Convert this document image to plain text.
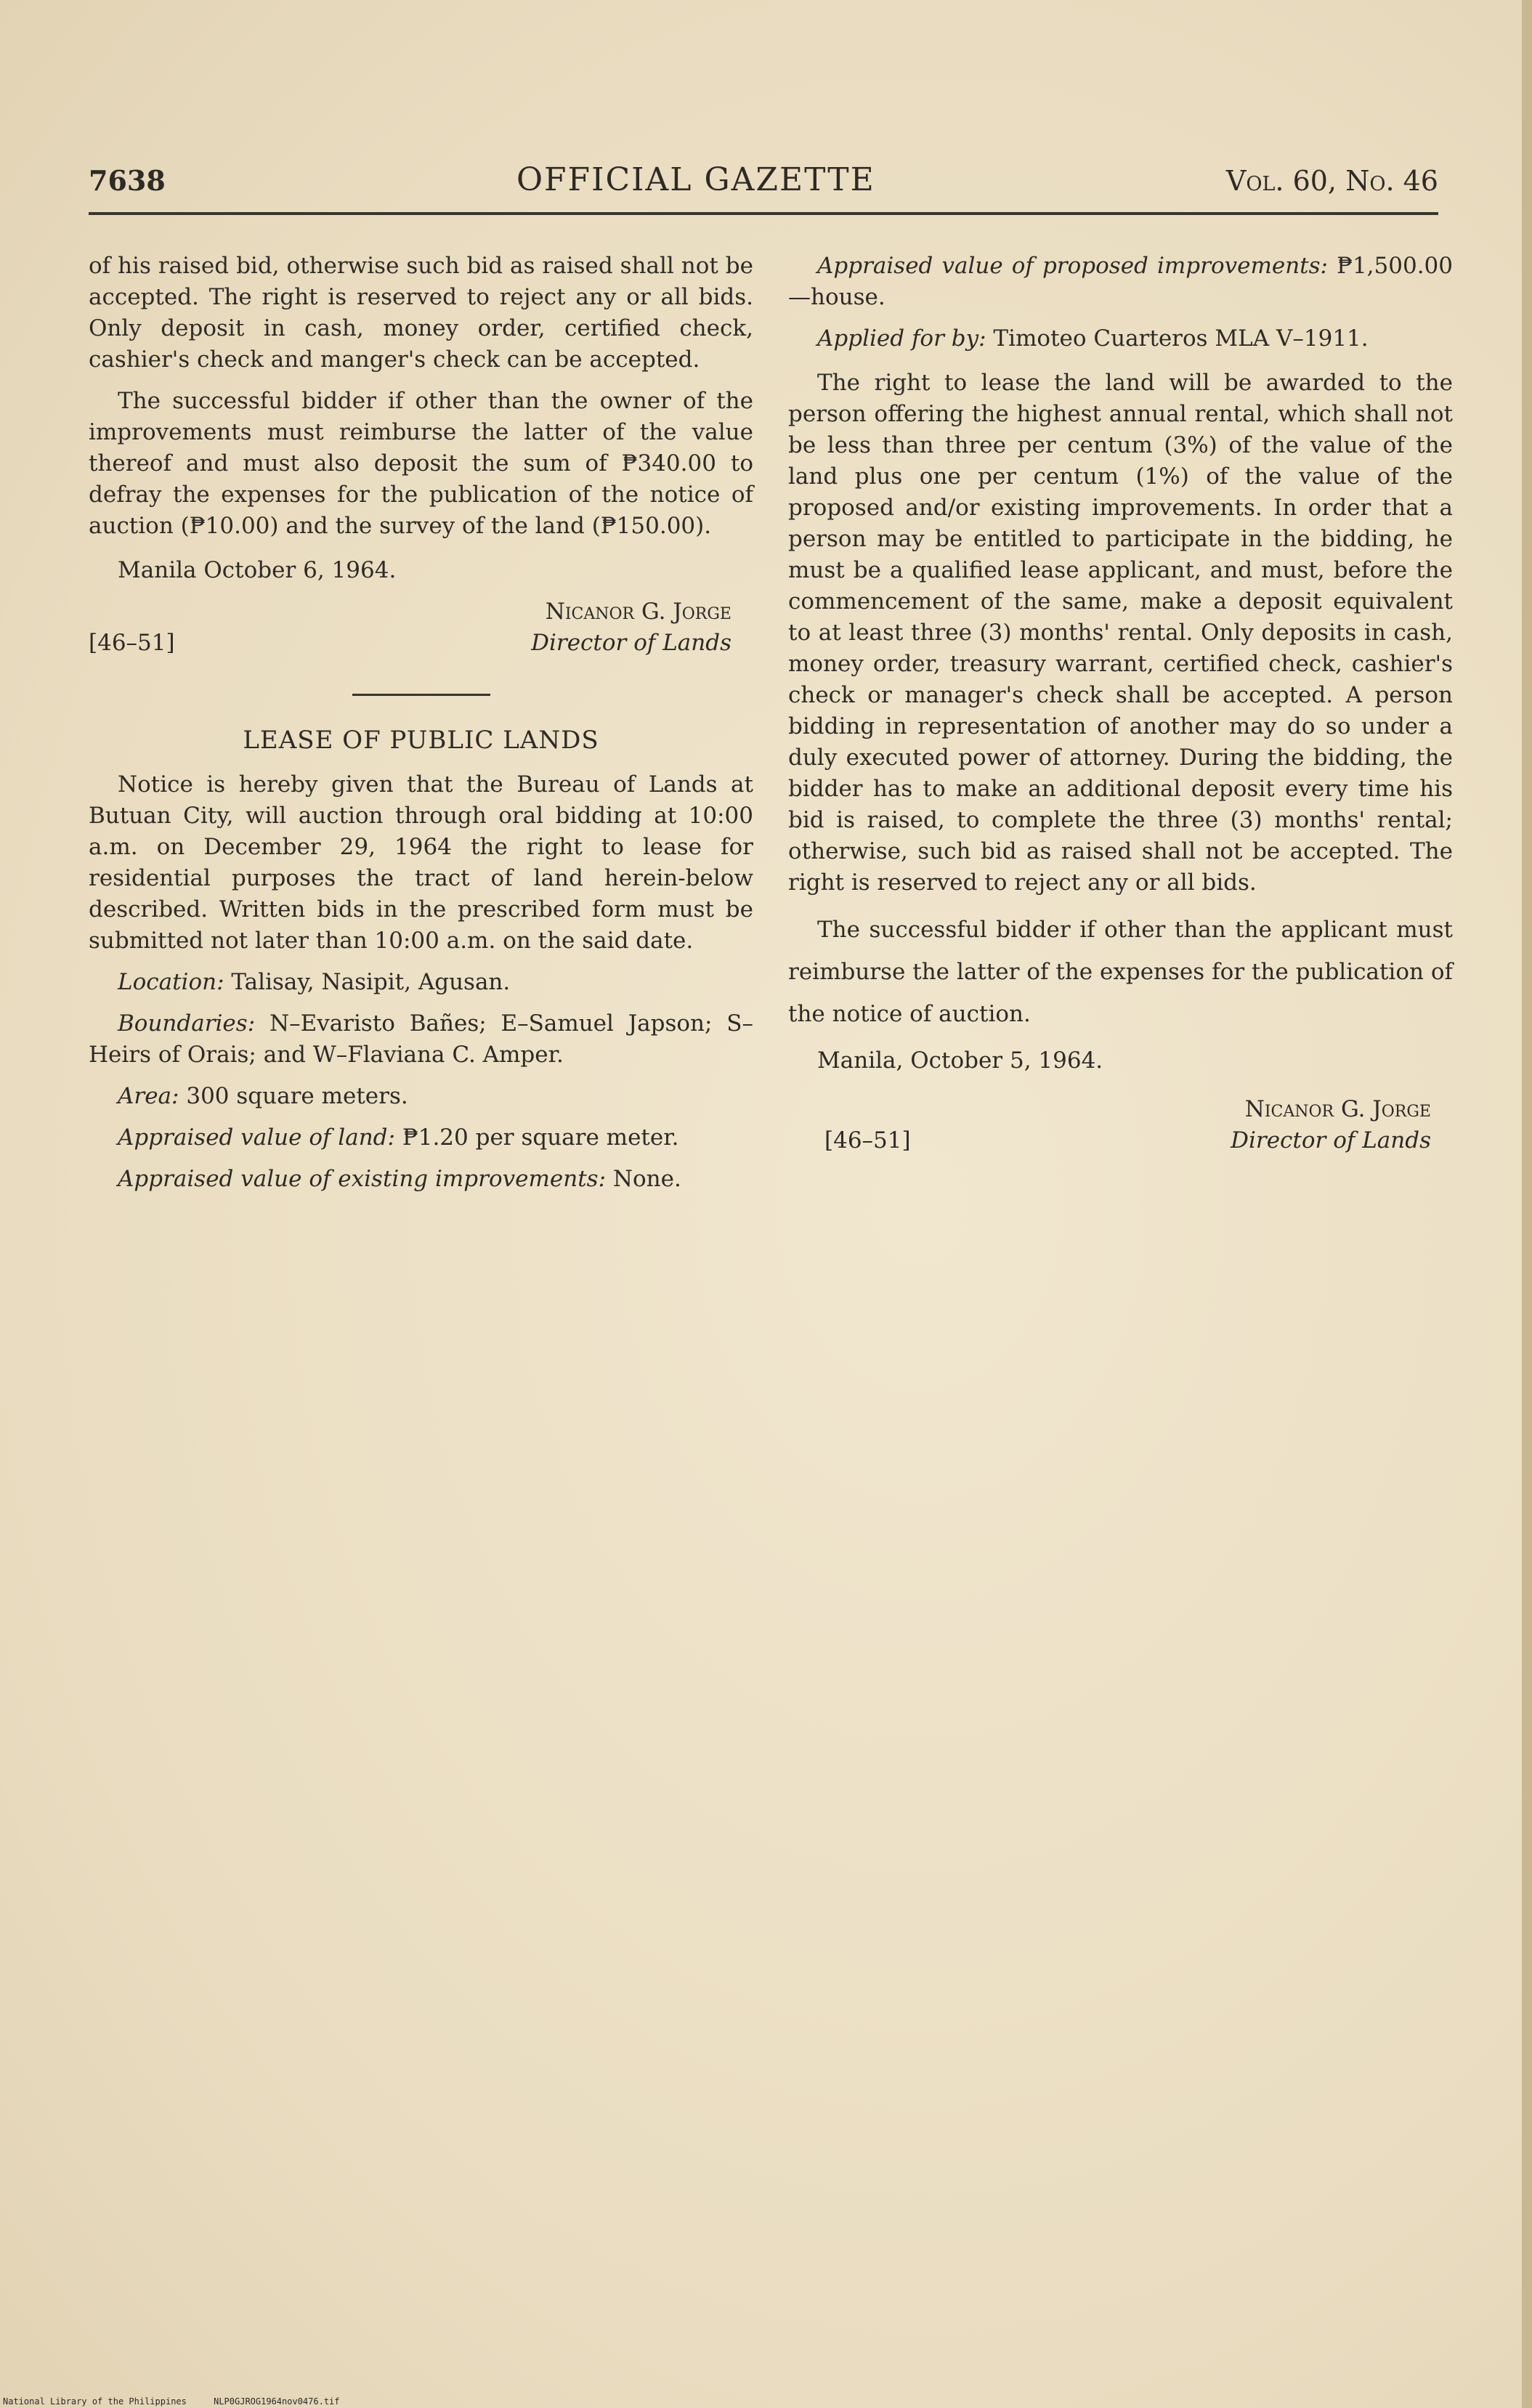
7638	OFFICIAL GAZETTE	Vol. 60, No. 46

of his raised bid, otherwise such bid as raised shall not be accepted. The right is reserved to reject any or all bids. Only deposit in cash, money order, certified check, cashier's check and manger's check can be accepted.

The successful bidder if other than the owner of the improvements must reimburse the latter of the value thereof and must also deposit the sum of ₱340.00 to defray the expenses for the publication of the notice of auction (₱10.00) and the survey of the land (₱150.00).

Manila October 6, 1964.

Nicanor G. Jorge
[46–51]	Director of Lands
LEASE OF PUBLIC LANDS

Notice is hereby given that the Bureau of Lands at Butuan City, will auction through oral bidding at 10:00 a.m. on December 29, 1964 the right to lease for residential purposes the tract of land herein-below described. Written bids in the prescribed form must be submitted not later than 10:00 a.m. on the said date.

Location: Talisay, Nasipit, Agusan.

Boundaries: N–Evaristo Bañes; E–Samuel Japson; S–Heirs of Orais; and W–Flaviana C. Amper.

Area: 300 square meters.

Appraised value of land: ₱1.20 per square meter.

Appraised value of existing improvements: None.

Appraised value of proposed improvements: ₱1,500.00—house.

Applied for by: Timoteo Cuarteros MLA V–1911.

The right to lease the land will be awarded to the person offering the highest annual rental, which shall not be less than three per centum (3%) of the value of the land plus one per centum (1%) of the value of the proposed and/or existing improvements. In order that a person may be entitled to participate in the bidding, he must be a qualified lease applicant, and must, before the commencement of the same, make a deposit equivalent to at least three (3) months' rental. Only deposits in cash, money order, treasury warrant, certified check, cashier's check or manager's check shall be accepted. A person bidding in representation of another may do so under a duly executed power of attorney. During the bidding, the bidder has to make an additional deposit every time his bid is raised, to complete the three (3) months' rental; otherwise, such bid as raised shall not be accepted. The right is reserved to reject any or all bids.

The successful bidder if other than the applicant must reimburse the latter of the expenses for the publication of the notice of auction.

Manila, October 5, 1964.

Nicanor G. Jorge
[46–51]	Director of Lands
National Library of the Philippines	NLP0GJROG1964nov0476.tif
